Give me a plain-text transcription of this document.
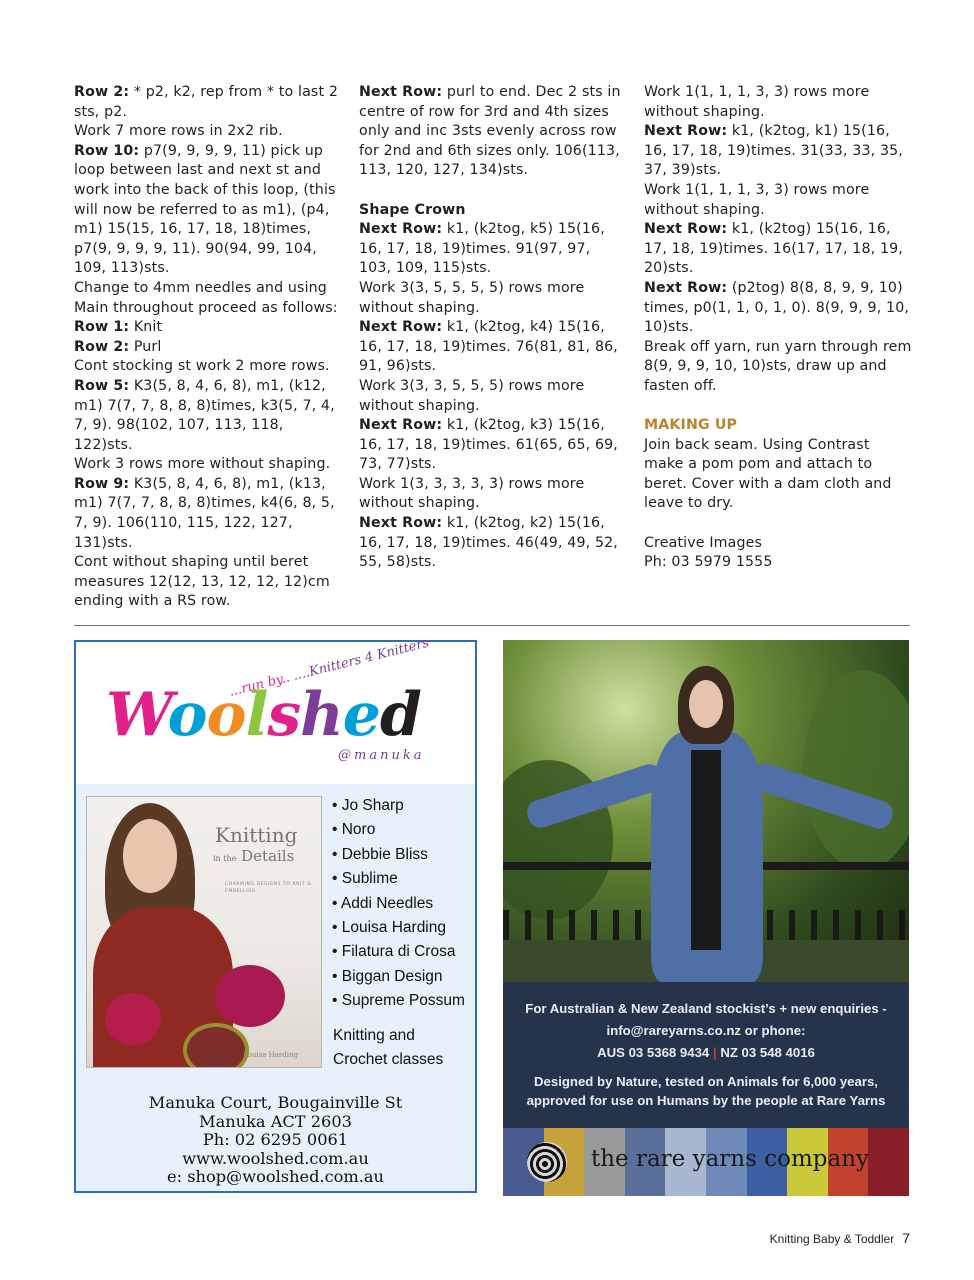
Row 2: * p2, k2, rep from * to last 2 sts, p2.

Work 7 more rows in 2x2 rib.

Row 10: p7(9, 9, 9, 9, 11) pick up loop between last and next st and work into the back of this loop, (this will now be referred to as m1), (p4, m1) 15(15, 16, 17, 18, 18)times, p7(9, 9, 9, 9, 11). 90(94, 99, 104, 109, 113)sts.

Change to 4mm needles and using Main throughout proceed as follows:

Row 1: Knit

Row 2: Purl

Cont stocking st work 2 more rows.

Row 5: K3(5, 8, 4, 6, 8), m1, (k12, m1) 7(7, 7, 8, 8, 8)times, k3(5, 7, 4, 7, 9). 98(102, 107, 113, 118, 122)sts.

Work 3 rows more without shaping.

Row 9: K3(5, 8, 4, 6, 8), m1, (k13, m1) 7(7, 7, 8, 8, 8)times, k4(6, 8, 5, 7, 9). 106(110, 115, 122, 127, 131)sts.

Cont without shaping until beret measures 12(12, 13, 12, 12, 12)cm ending with a RS row.

Next Row: purl to end. Dec 2 sts in centre of row for 3rd and 4th sizes only and inc 3sts evenly across row for 2nd and 6th sizes only. 106(113, 113, 120, 127, 134)sts.

Shape Crown

Next Row: k1, (k2tog, k5) 15(16, 16, 17, 18, 19)times. 91(97, 97, 103, 109, 115)sts.

Work 3(3, 5, 5, 5, 5) rows more without shaping.

Next Row: k1, (k2tog, k4) 15(16, 16, 17, 18, 19)times. 76(81, 81, 86, 91, 96)sts.

Work 3(3, 3, 5, 5, 5) rows more without shaping.

Next Row: k1, (k2tog, k3) 15(16, 16, 17, 18, 19)times. 61(65, 65, 69, 73, 77)sts.

Work 1(3, 3, 3, 3, 3) rows more without shaping.

Next Row: k1, (k2tog, k2) 15(16, 16, 17, 18, 19)times. 46(49, 49, 52, 55, 58)sts.

Work 1(1, 1, 1, 3, 3) rows more without shaping.

Next Row: k1, (k2tog, k1) 15(16, 16, 17, 18, 19)times. 31(33, 33, 35, 37, 39)sts.

Work 1(1, 1, 1, 3, 3) rows more without shaping.

Next Row: k1, (k2tog) 15(16, 16, 17, 18, 19)times. 16(17, 17, 18, 19, 20)sts.

Next Row: (p2tog) 8(8, 8, 9, 9, 10) times, p0(1, 1, 0, 1, 0). 8(9, 9, 9, 10, 10)sts.

Break off yarn, run yarn through rem 8(9, 9, 9, 10, 10)sts, draw up and fasten off.

MAKING UP

Join back seam. Using Contrast make a pom pom and attach to beret. Cover with a dam cloth and leave to dry.

Creative Images

Ph: 03 5979 1555

...run by.. ....Knitters 4 Knitters
Woolshed
@manuka
Knitting
in the Details
CHARMING DESIGNS TO KNIT & EMBELLISH
Louisa Harding
• Jo Sharp
• Noro
• Debbie Bliss
• Sublime
• Addi Needles
• Louisa Harding
• Filatura di Crosa
• Biggan Design
• Supreme Possum
Knitting and
Crochet classes
Manuka Court, Bougainville St
Manuka ACT 2603
Ph: 02 6295 0061
www.woolshed.com.au
e: shop@woolshed.com.au
For Australian & New Zealand stockist’s + new enquiries -
info@rareyarns.co.nz or phone:
AUS 03 5368 9434 | NZ 03 548 4016
Designed by Nature, tested on Animals for 6,000 years,
approved for use on Humans by the people at Rare Yarns
the rare yarns company
Knitting Baby & Toddler 7
